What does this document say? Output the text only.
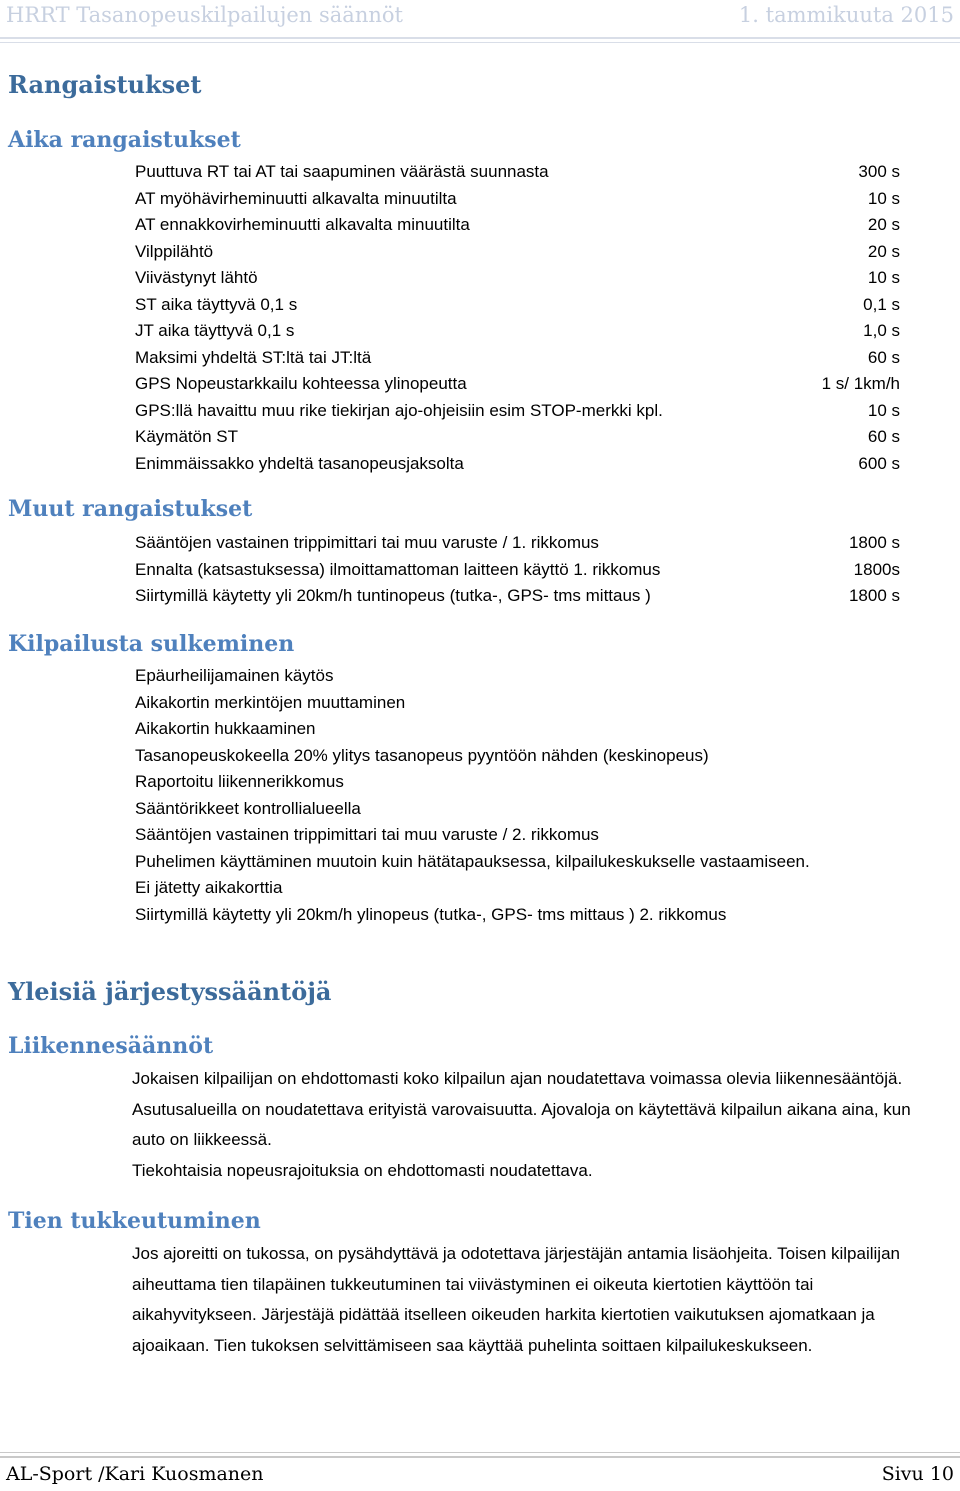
HRRT Tasanopeuskilpailujen säännöt	1. tammikuuta 2015
Rangaistukset
Aika rangaistukset
Puuttuva RT tai AT tai saapuminen väärästä suunnasta	300 s
AT myöhävirheminuutti alkavalta minuutilta	10 s
AT ennakkovirheminuutti alkavalta minuutilta	20 s
Vilppilähtö	20 s
Viivästynyt lähtö	10 s
ST aika täyttyvä 0,1 s	0,1 s
JT aika täyttyvä 0,1 s	1,0 s
Maksimi yhdeltä ST:ltä tai JT:ltä	60 s
GPS Nopeustarkkailu kohteessa ylinopeutta	1 s/ 1km/h
GPS:llä havaittu muu rike tiekirjan ajo-ohjeisiin esim STOP-merkki kpl.	10 s
Käymätön ST	60 s
Enimmäissakko yhdeltä tasanopeusjaksolta	600 s
Muut rangaistukset
Sääntöjen vastainen trippimittari tai muu varuste / 1. rikkomus	1800 s
Ennalta (katsastuksessa) ilmoittamattoman laitteen käyttö 1. rikkomus	1800s
Siirtymillä käytetty yli 20km/h tuntinopeus (tutka-, GPS- tms mittaus )	1800 s
Kilpailusta sulkeminen
Epäurheilijamainen käytös
Aikakortin merkintöjen muuttaminen
Aikakortin hukkaaminen
Tasanopeuskokeella 20% ylitys tasanopeus pyyntöön nähden (keskinopeus)
Raportoitu liikennerikkomus
Sääntörikkeet kontrollialueella
Sääntöjen vastainen trippimittari tai muu varuste / 2. rikkomus
Puhelimen käyttäminen muutoin kuin hätätapauksessa, kilpailukeskukselle vastaamiseen.
Ei jätetty aikakorttia
Siirtymillä käytetty yli 20km/h ylinopeus (tutka-, GPS- tms mittaus ) 2. rikkomus
Yleisiä järjestyssääntöjä
Liikennesäännöt

Jokaisen kilpailijan on ehdottomasti koko kilpailun ajan noudatettava voimassa olevia liikennesääntöjä. Asutusalueilla on noudatettava erityistä varovaisuutta. Ajovaloja on käytettävä kilpailun aikana aina, kun auto on liikkeessä.

Tiekohtaisia nopeusrajoituksia on ehdottomasti noudatettava.

Tien tukkeutuminen

Jos ajoreitti on tukossa, on pysähdyttävä ja odotettava järjestäjän antamia lisäohjeita. Toisen kilpailijan aiheuttama tien tilapäinen tukkeutuminen tai viivästyminen ei oikeuta kiertotien käyttöön tai aikahyvitykseen. Järjestäjä pidättää itselleen oikeuden harkita kiertotien vaikutuksen ajomatkaan ja ajoaikaan. Tien tukoksen selvittämiseen saa käyttää puhelinta soittaen kilpailukeskukseen.

AL-Sport /Kari Kuosmanen	Sivu 10
